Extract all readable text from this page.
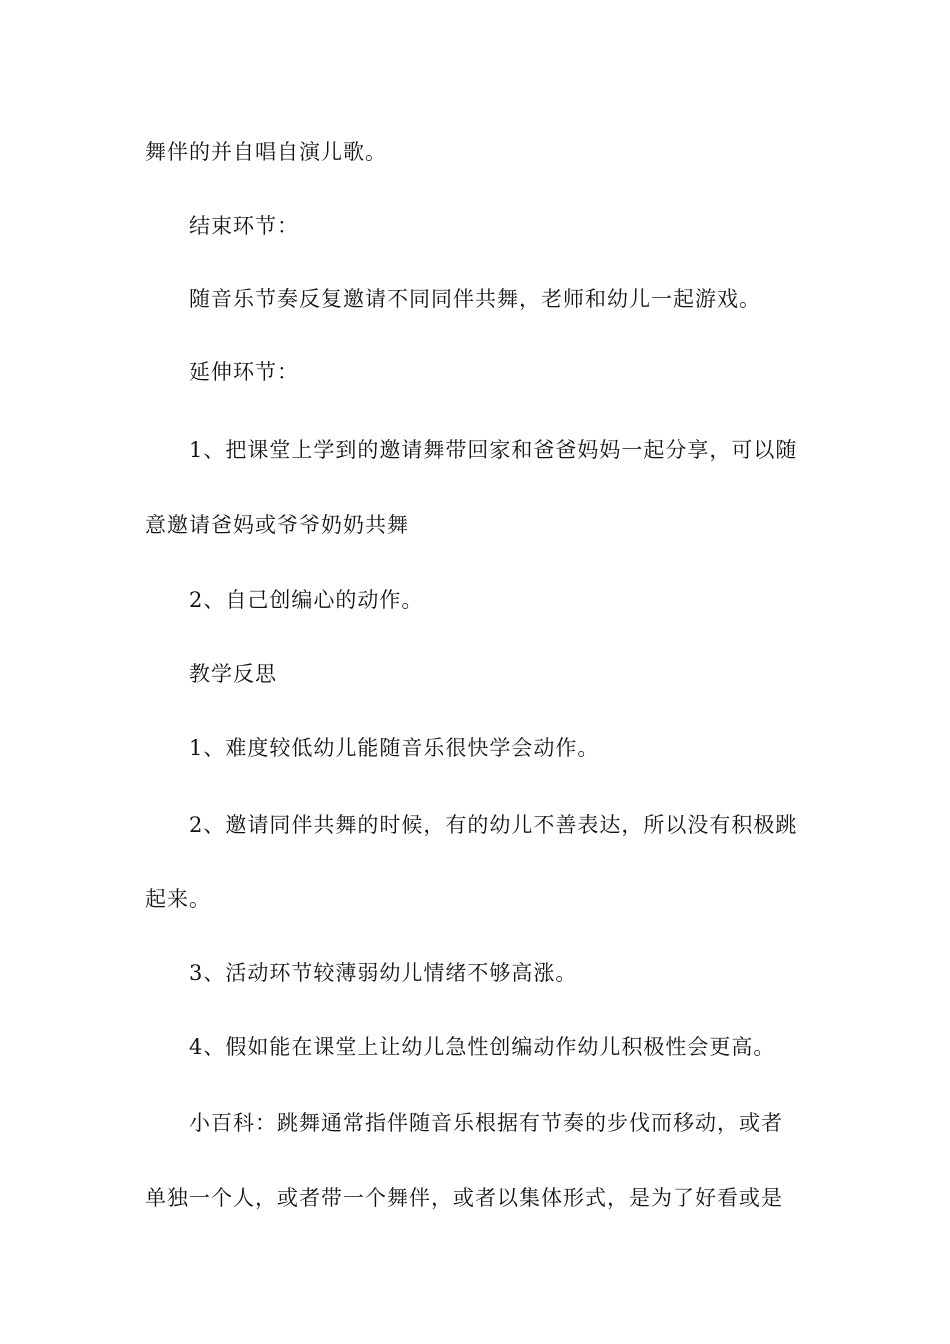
舞伴的并自唱自演儿歌。
结束环节：
随音乐节奏反复邀请不同同伴共舞，老师和幼儿一起游戏。
延伸环节：
1、把课堂上学到的邀请舞带回家和爸爸妈妈一起分享，可以随
意邀请爸妈或爷爷奶奶共舞
2、自己创编心的动作。
教学反思
1、难度较低幼儿能随音乐很快学会动作。
2、邀请同伴共舞的时候，有的幼儿不善表达，所以没有积极跳
起来。
3、活动环节较薄弱幼儿情绪不够高涨。
4、假如能在课堂上让幼儿急性创编动作幼儿积极性会更高。
小百科：跳舞通常指伴随音乐根据有节奏的步伐而移动，或者
单独一个人，或者带一个舞伴，或者以集体形式，是为了好看或是
